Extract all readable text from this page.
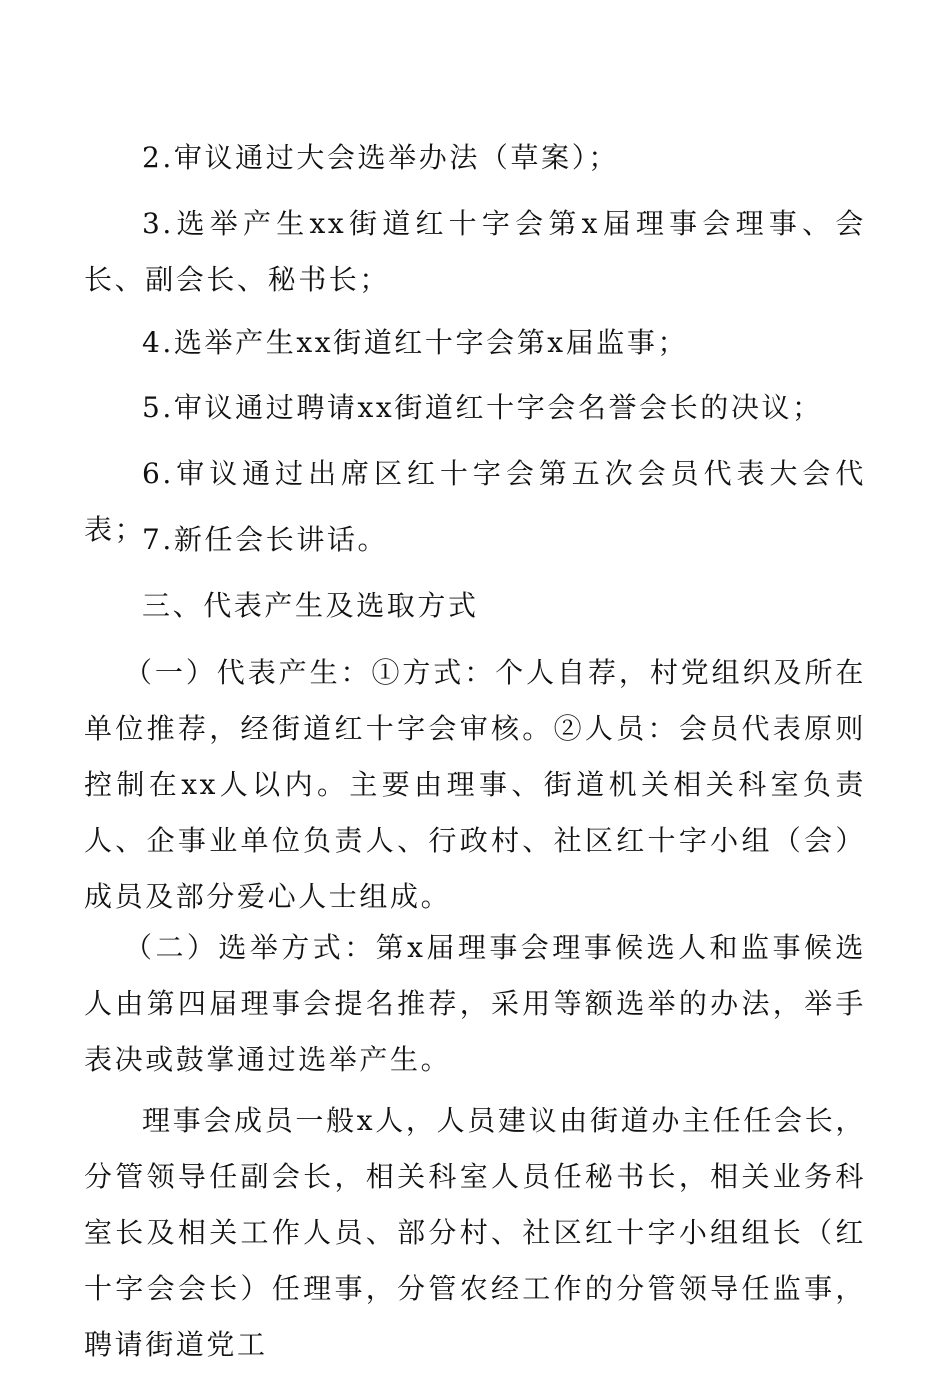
2.审议通过大会选举办法（草案）；

3.选举产生xx街道红十字会第x届理事会理事、会长、副会长、秘书长；

4.选举产生xx街道红十字会第x届监事；

5.审议通过聘请xx街道红十字会名誉会长的决议；

6.审议通过出席区红十字会第五次会员代表大会代表；

7.新任会长讲话。

三、代表产生及选取方式

（一）代表产生：①方式：个人自荐，村党组织及所在单位推荐，经街道红十字会审核。②人员：会员代表原则控制在xx人以内。主要由理事、街道机关相关科室负责人、企事业单位负责人、行政村、社区红十字小组（会）成员及部分爱心人士组成。

（二）选举方式：第x届理事会理事候选人和监事候选人由第四届理事会提名推荐，采用等额选举的办法，举手表决或鼓掌通过选举产生。

理事会成员一般x人，人员建议由街道办主任任会长，分管领导任副会长，相关科室人员任秘书长，相关业务科室长及相关工作人员、部分村、社区红十字小组组长（红十字会会长）任理事，分管农经工作的分管领导任监事，聘请街道党工
